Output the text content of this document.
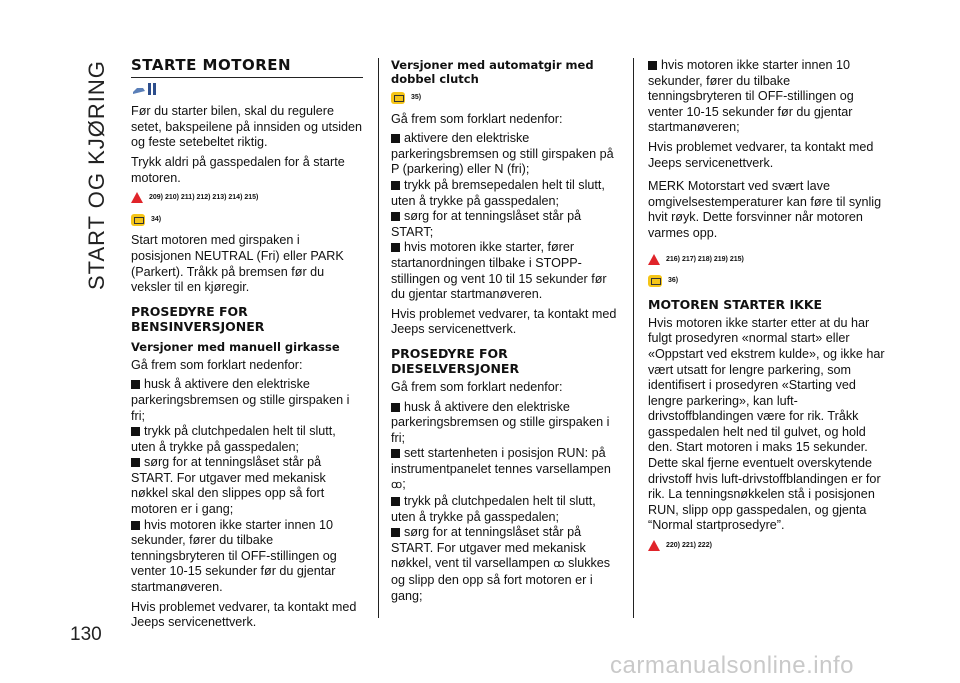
START OG KJØRING
130
STARTE MOTOREN

Før du starter bilen, skal du regulere setet, bakspeilene på innsiden og utsiden og feste setebeltet riktig.

Trykk aldri på gasspedalen for å starte motoren.

209) 210) 211) 212) 213) 214) 215)
34)

Start motoren med girspaken i posisjonen NEUTRAL (Fri) eller PARK (Parkert). Tråkk på bremsen før du veksler til en kjøregir.

PROSEDYRE FOR BENSINVERSJONER
Versjoner med manuell girkasse

Gå frem som forklart nedenfor:

husk å aktivere den elektriske parkeringsbremsen og stille girspaken i fri;
trykk på clutchpedalen helt til slutt, uten å trykke på gasspedalen;
sørg for at tenningslåset står på START. For utgaver med mekanisk nøkkel skal den slippes opp så fort motoren er i gang;
hvis motoren ikke starter innen 10 sekunder, fører du tilbake tenningsbryteren til OFF-stillingen og venter 10-15 sekunder før du gjentar startmanøveren.

Hvis problemet vedvarer, ta kontakt med Jeeps servicenettverk.

Versjoner med automatgir med dobbel clutch
35)

Gå frem som forklart nedenfor:

aktivere den elektriske parkeringsbremsen og still girspaken på P (parkering) eller N (fri);
trykk på bremsepedalen helt til slutt, uten å trykke på gasspedalen;
sørg for at tenningslåset står på START;
hvis motoren ikke starter, fører startanordningen tilbake i STOPP-stillingen og vent 10 til 15 sekunder før du gjentar startmanøveren.

Hvis problemet vedvarer, ta kontakt med Jeeps servicenettverk.

PROSEDYRE FOR DIESELVERSJONER

Gå frem som forklart nedenfor:

husk å aktivere den elektriske parkeringsbremsen og stille girspaken i fri;
sett startenheten i posisjon RUN: på instrumentpanelet tennes varsellampen ꝏ;
trykk på clutchpedalen helt til slutt, uten å trykke på gasspedalen;
sørg for at tenningslåset står på START. For utgaver med mekanisk nøkkel, vent til varsellampen ꝏ slukkes og slipp den opp så fort motoren er i gang;
hvis motoren ikke starter innen 10 sekunder, fører du tilbake tenningsbryteren til OFF-stillingen og venter 10-15 sekunder før du gjentar startmanøveren;

Hvis problemet vedvarer, ta kontakt med Jeeps servicenettverk.

MERK Motorstart ved svært lave omgivelsestemperaturer kan føre til synlig hvit røyk. Dette forsvinner når motoren varmes opp.

216) 217) 218) 219) 215)
36)
MOTOREN STARTER IKKE

Hvis motoren ikke starter etter at du har fulgt prosedyren «normal start» eller «Oppstart ved ekstrem kulde», og ikke har vært utsatt for lengre parkering, som identifisert i prosedyren «Starting ved lengre parkering», kan luft-drivstoffblandingen være for rik. Tråkk gasspedalen helt ned til gulvet, og hold den. Start motoren i maks 15 sekunder. Dette skal fjerne eventuelt overskytende drivstoff hvis luft-drivstoffblandingen er for rik. La tenningsnøkkelen stå i posisjonen RUN, slipp opp gasspedalen, og gjenta “Normal startprosedyre”.

220) 221) 222)
carmanualsonline.info
